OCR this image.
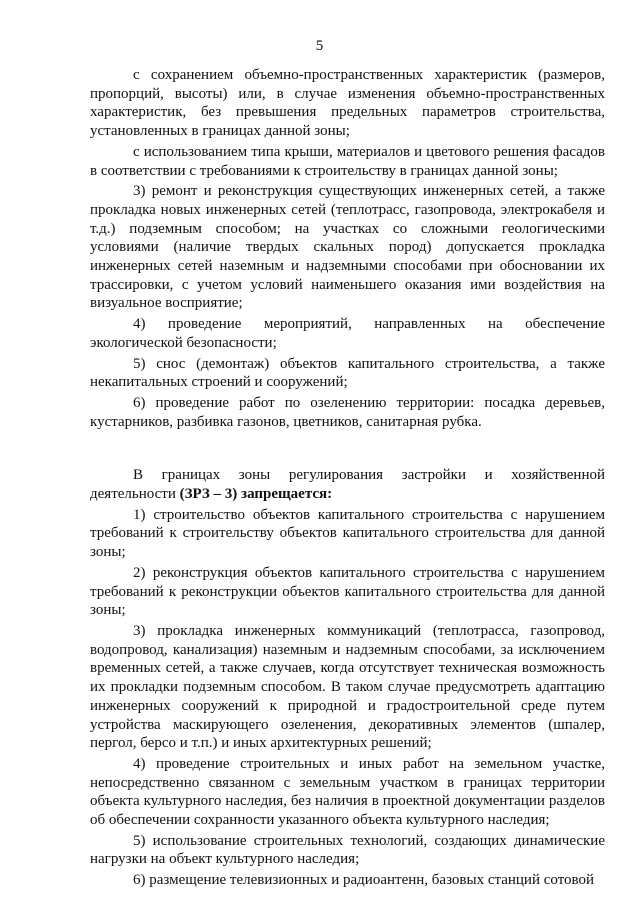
5

с сохранением объемно-пространственных характеристик (размеров, пропорций, высоты) или, в случае изменения объемно-пространственных характеристик, без превышения предельных параметров строительства, установленных в границах данной зоны;

с использованием типа крыши, материалов и цветового решения фасадов в соответствии с требованиями к строительству в границах данной зоны;

3) ремонт и реконструкция существующих инженерных сетей, а также прокладка новых инженерных сетей (теплотрасс, газопровода, электрокабеля и т.д.) подземным способом; на участках со сложными геологическими условиями (наличие твердых скальных пород) допускается прокладка инженерных сетей наземным и надземными способами при обосновании их трассировки, с учетом условий наименьшего оказания ими воздействия на визуальное восприятие;

4) проведение мероприятий, направленных на обеспечение экологической безопасности;

5) снос (демонтаж) объектов капитального строительства, а также некапитальных строений и сооружений;

6) проведение работ по озеленению территории: посадка деревьев, кустарников, разбивка газонов, цветников, санитарная рубка.

В границах зоны регулирования застройки и хозяйственной деятельности (ЗРЗ – 3) запрещается:

1) строительство объектов капитального строительства с нарушением требований к строительству объектов капитального строительства для данной зоны;

2) реконструкция объектов капитального строительства с нарушением требований к реконструкции объектов капитального строительства для данной зоны;

3) прокладка инженерных коммуникаций (теплотрасса, газопровод, водопровод, канализация) наземным и надземным способами, за исключением временных сетей, а также случаев, когда отсутствует техническая возможность их прокладки подземным способом. В таком случае предусмотреть адаптацию инженерных сооружений к природной и градостроительной среде путем устройства маскирующего озеленения, декоративных элементов (шпалер, пергол, берсо и т.п.) и иных архитектурных решений;

4) проведение строительных и иных работ на земельном участке, непосредственно связанном с земельным участком в границах территории объекта культурного наследия, без наличия в проектной документации разделов об обеспечении сохранности указанного объекта культурного наследия;

5) использование строительных технологий, создающих динамические нагрузки на объект культурного наследия;

6) размещение телевизионных и радиоантенн, базовых станций сотовой
